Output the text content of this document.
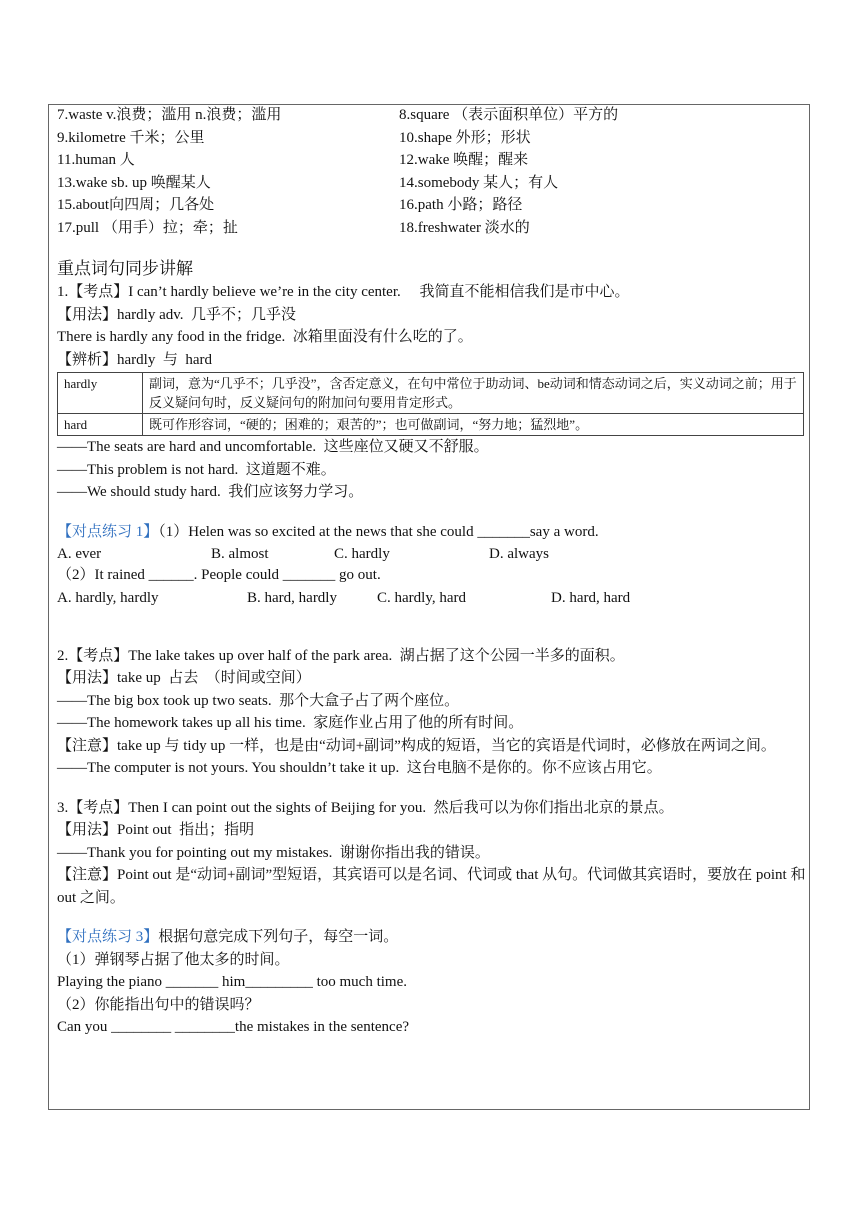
7.waste v.浪费；滥用 n.浪费；滥用	8.square （表示面积单位）平方的
9.kilometre 千米；公里	10.shape 外形；形状
11.human 人	12.wake 唤醒；醒来
13.wake sb. up 唤醒某人	14.somebody 某人；有人
15.about向四周；几各处	16.path 小路；路径
17.pull （用手）拉；牵；扯	18.freshwater 淡水的
重点词句同步讲解
1.【考点】I can’t hardly believe we’re in the city center.     我简直不能相信我们是市中心。
【用法】hardly adv.  几乎不；几乎没
There is hardly any food in the fridge.  冰箱里面没有什么吃的了。
【辨析】hardly  与  hard
hardly	副词，意为“几乎不；几乎没”，含否定意义，在句中常位于助动词、be动词和情态动词之后，实义动词之前；用于反义疑问句时，反义疑问句的附加问句要用肯定形式。
hard	既可作形容词，“硬的；困难的；艰苦的”；也可做副词，“努力地；猛烈地”。
——The seats are hard and uncomfortable.  这些座位又硬又不舒服。
——This problem is not hard.  这道题不难。
——We should study hard.  我们应该努力学习。
【对点练习 1】（1）Helen was so excited at the news that she could _______say a word.
A. ever	B. almost	C. hardly	D. always
（2）It rained ______. People could _______ go out.
A. hardly, hardly	B. hard, hardly	C. hardly, hard	D. hard, hard
2.【考点】The lake takes up over half of the park area.  湖占据了这个公园一半多的面积。
【用法】take up  占去  （时间或空间）
——The big box took up two seats.  那个大盒子占了两个座位。
——The homework takes up all his time.  家庭作业占用了他的所有时间。
【注意】take up 与 tidy up 一样，也是由“动词+副词”构成的短语，当它的宾语是代词时，必修放在两词之间。
——The computer is not yours. You shouldn’t take it up.  这台电脑不是你的。你不应该占用它。
3.【考点】Then I can point out the sights of Beijing for you.  然后我可以为你们指出北京的景点。
【用法】Point out  指出；指明
——Thank you for pointing out my mistakes.  谢谢你指出我的错误。
【注意】Point out 是“动词+副词”型短语，其宾语可以是名词、代词或 that 从句。代词做其宾语时，要放在 point 和 out 之间。
【对点练习 3】根据句意完成下列句子，每空一词。
（1）弹钢琴占据了他太多的时间。
Playing the piano _______ him_________ too much time.
（2）你能指出句中的错误吗？
Can you ________ ________the mistakes in the sentence?
